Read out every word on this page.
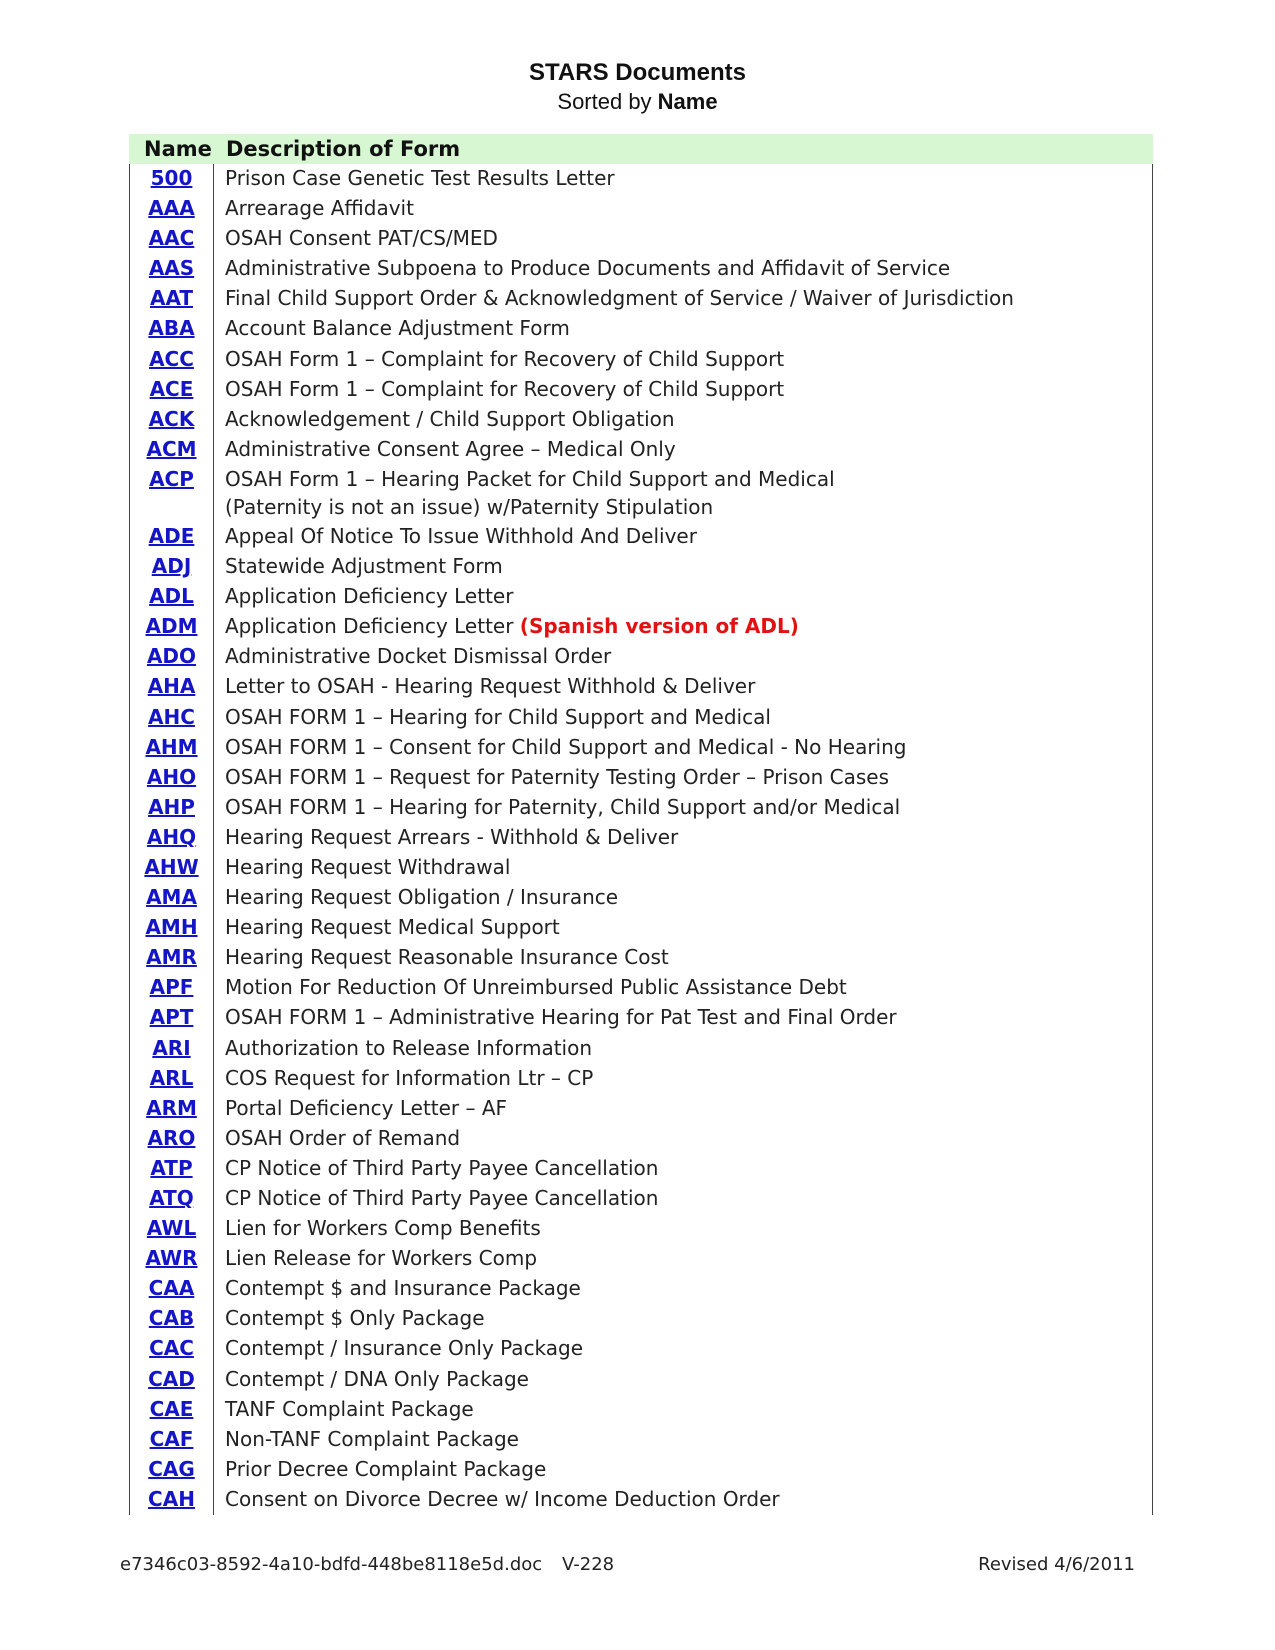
STARS Documents
Sorted by Name
Name Description of Form
500	Prison Case Genetic Test Results Letter
AAA	Arrearage Affidavit
AAC	OSAH Consent PAT/CS/MED
AAS	Administrative Subpoena to Produce Documents and Affidavit of Service
AAT	Final Child Support Order & Acknowledgment of Service / Waiver of Jurisdiction
ABA	Account Balance Adjustment Form
ACC	OSAH Form 1 – Complaint for Recovery of Child Support
ACE	OSAH Form 1 – Complaint for Recovery of Child Support
ACK	Acknowledgement / Child Support Obligation
ACM	Administrative Consent Agree – Medical Only
ACP	OSAH Form 1 – Hearing Packet for Child Support and Medical
(Paternity is not an issue) w/Paternity Stipulation
ADE	Appeal Of Notice To Issue Withhold And Deliver
ADJ	Statewide Adjustment Form
ADL	Application Deficiency Letter
ADM	Application Deficiency Letter (Spanish version of ADL)
ADO	Administrative Docket Dismissal Order
AHA	Letter to OSAH - Hearing Request Withhold & Deliver
AHC	OSAH FORM 1 – Hearing for Child Support and Medical
AHM	OSAH FORM 1 – Consent for Child Support and Medical - No Hearing
AHO	OSAH FORM 1 – Request for Paternity Testing Order – Prison Cases
AHP	OSAH FORM 1 – Hearing for Paternity, Child Support and/or Medical
AHQ	Hearing Request Arrears - Withhold & Deliver
AHW	Hearing Request Withdrawal
AMA	Hearing Request Obligation / Insurance
AMH	Hearing Request Medical Support
AMR	Hearing Request Reasonable Insurance Cost
APF	Motion For Reduction Of Unreimbursed Public Assistance Debt
APT	OSAH FORM 1 – Administrative Hearing for Pat Test and Final Order
ARI	Authorization to Release Information
ARL	COS Request for Information Ltr – CP
ARM	Portal Deficiency Letter – AF
ARO	OSAH Order of Remand
ATP	CP Notice of Third Party Payee Cancellation
ATQ	CP Notice of Third Party Payee Cancellation
AWL	Lien for Workers Comp Benefits
AWR	Lien Release for Workers Comp
CAA	Contempt $ and Insurance Package
CAB	Contempt $ Only Package
CAC	Contempt / Insurance Only Package
CAD	Contempt / DNA Only Package
CAE	TANF Complaint Package
CAF	Non-TANF Complaint Package
CAG	Prior Decree Complaint Package
CAH	Consent on Divorce Decree w/ Income Deduction Order
e7346c03-8592-4a10-bdfd-448be8118e5d.doc V-228	Revised 4/6/2011
